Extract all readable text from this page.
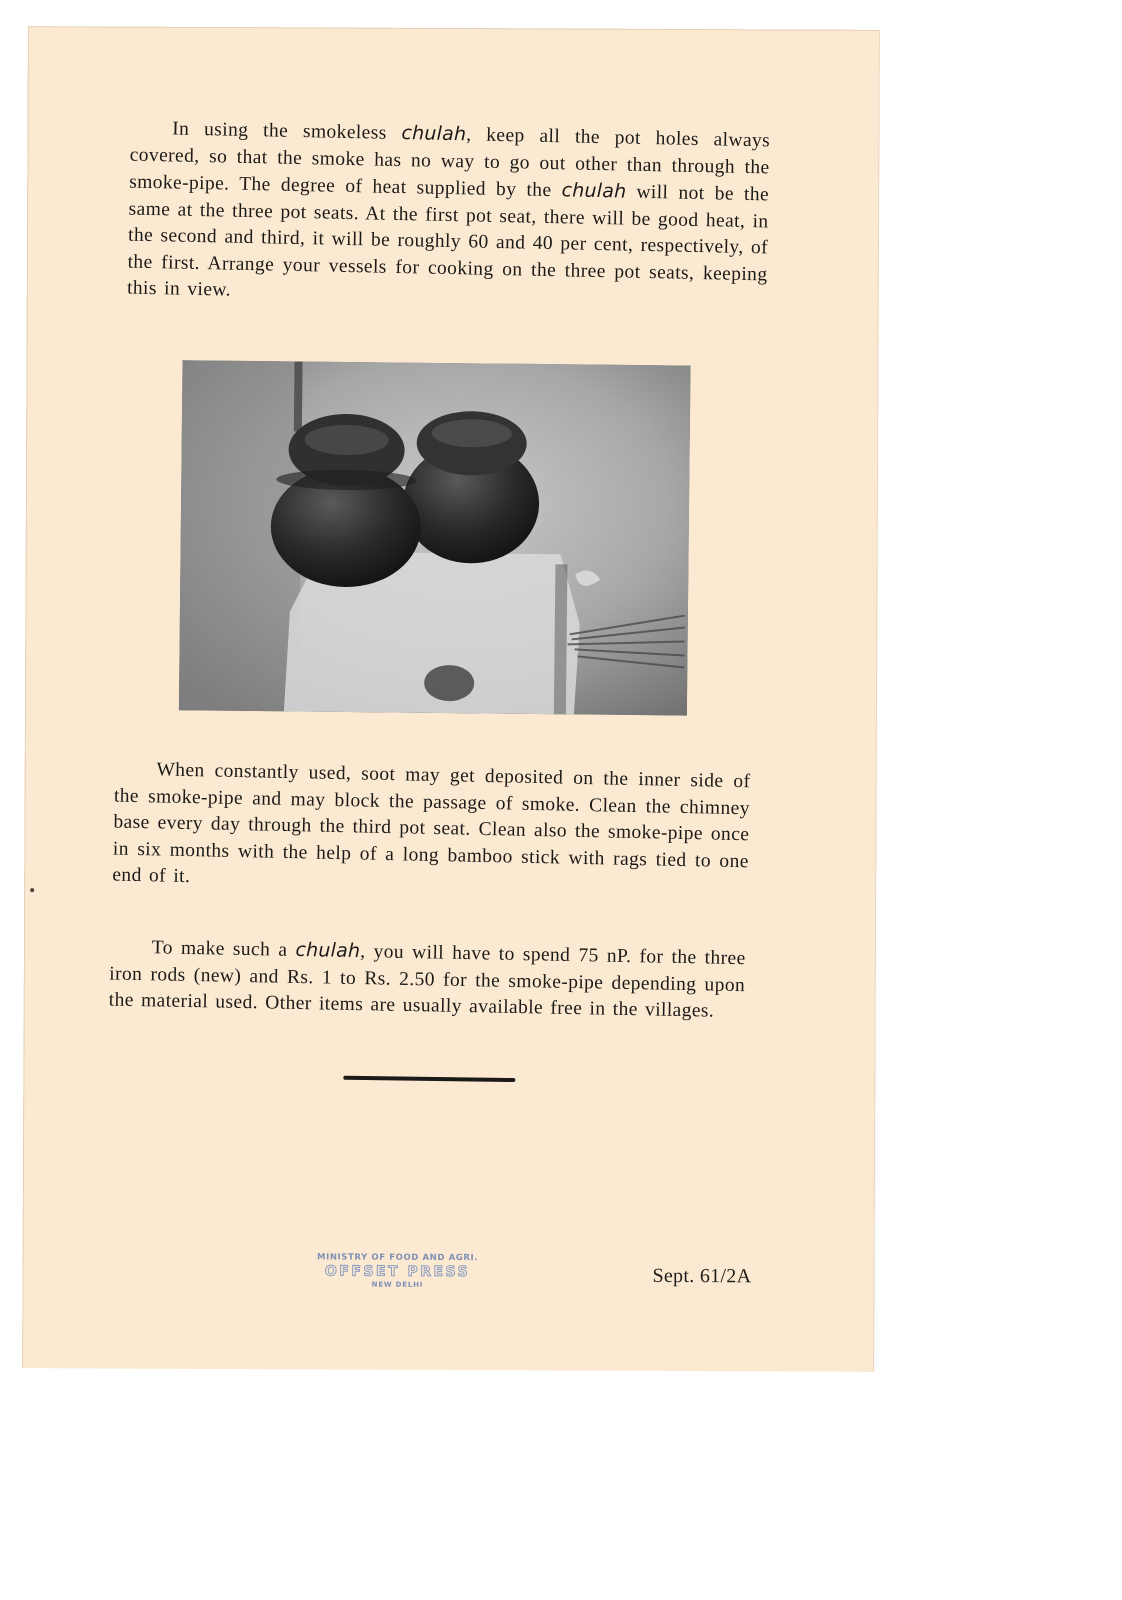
In using the smokeless chulah, keep all the pot holes always covered, so that the smoke has no way to go out other than through the smoke-pipe. The degree of heat supplied by the chulah will not be the same at the three pot seats. At the first pot seat, there will be good heat, in the second and third, it will be roughly 60 and 40 per cent, respectively, of the first. Arrange your vessels for cooking on the three pot seats, keeping this in view.

When constantly used, soot may get deposited on the inner side of the smoke-pipe and may block the passage of smoke. Clean the chimney base every day through the third pot seat. Clean also the smoke-pipe once in six months with the help of a long bamboo stick with rags tied to one end of it.

To make such a chulah, you will have to spend 75 nP. for the three iron rods (new) and Rs. 1 to Rs. 2.50 for the smoke-pipe depending upon the material used. Other items are usually available free in the villages.

MINISTRY OF FOOD AND AGRI.
OFFSET PRESS
NEW DELHI	Sept. 61/2A
